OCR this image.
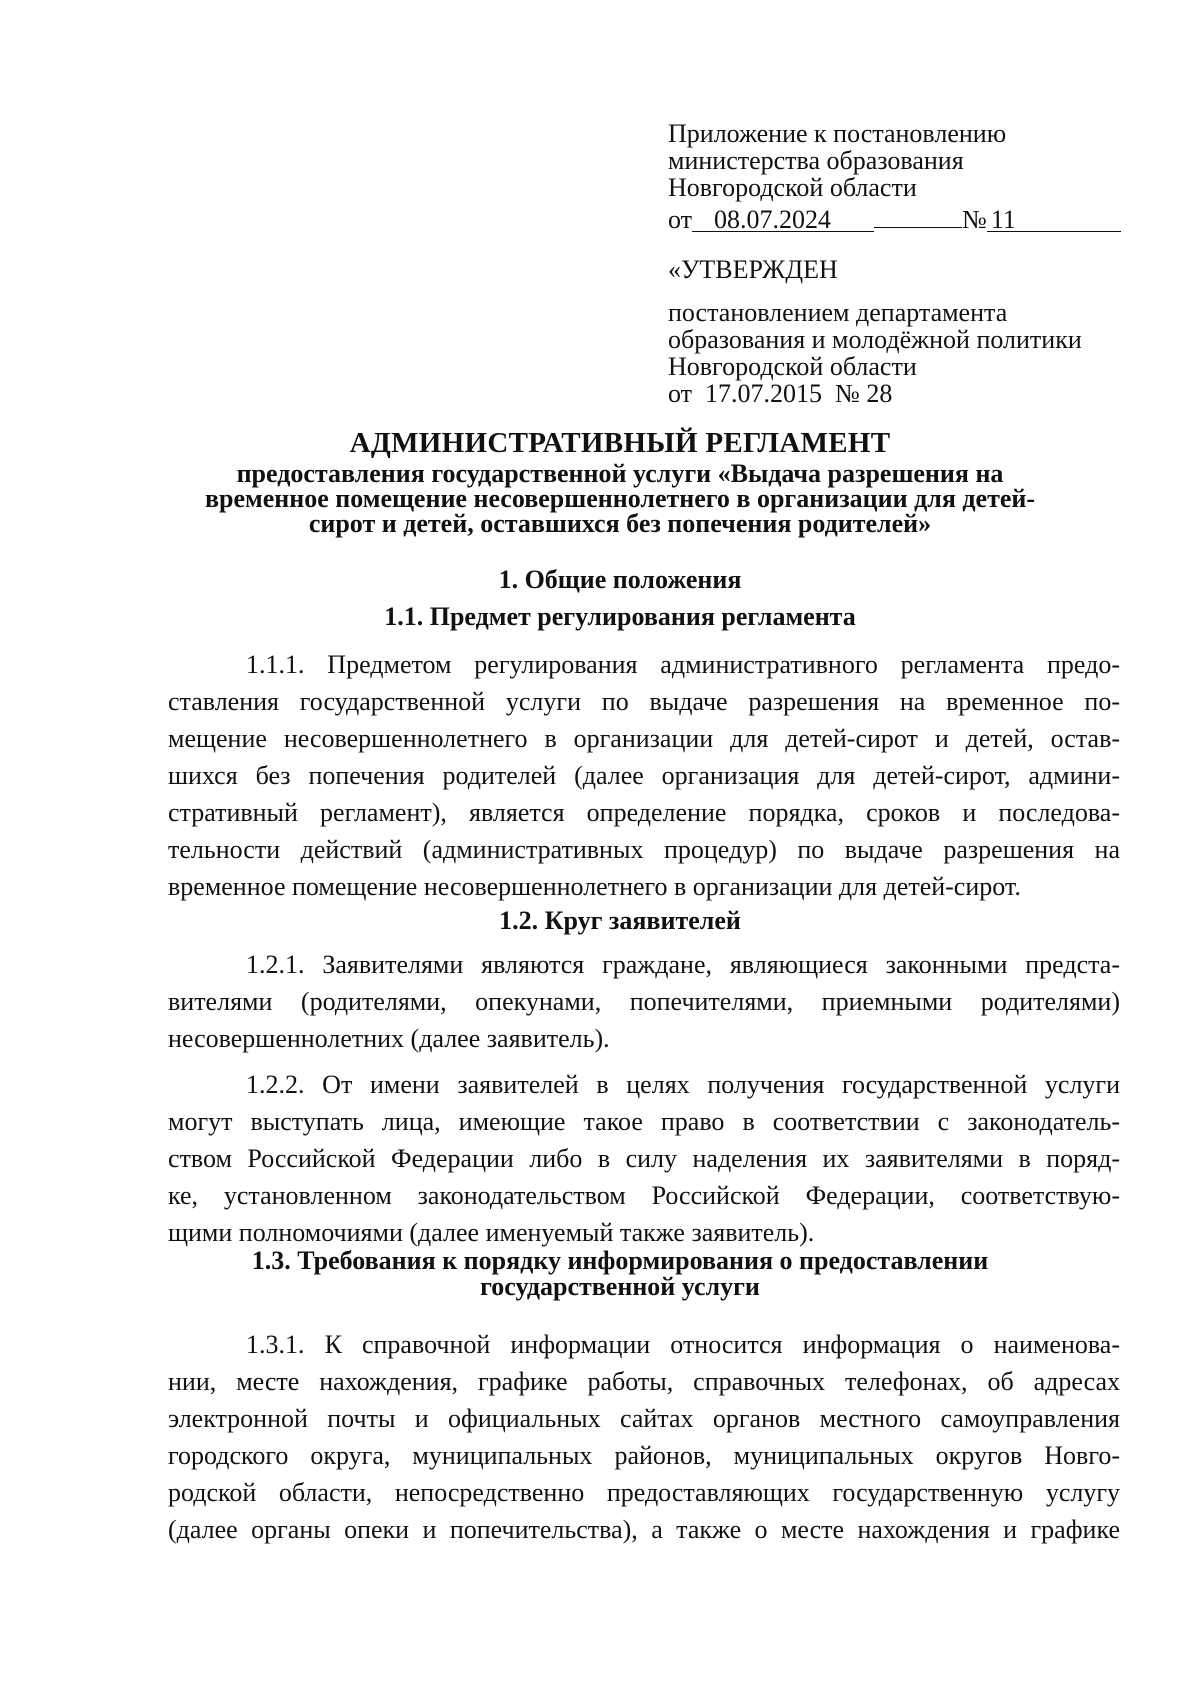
Приложение к постановлению
министерства образования
Новгородской области
от 08.07.2024	№ 11
«УТВЕРЖДЕН
постановлением департамента
образования и молодёжной политики
Новгородской области
от  17.07.2015  № 28
АДМИНИСТРАТИВНЫЙ РЕГЛАМЕНТ
предоставления государственной услуги «Выдача разрешения на
временное помещение несовершеннолетнего в организации для детей-
сирот и детей, оставшихся без попечения родителей»
1. Общие положения
1.1. Предмет регулирования регламента
1.1.1. Предметом регулирования административного регламента предо-
ставления государственной услуги по выдаче разрешения на временное по-
мещение несовершеннолетнего в организации для детей-сирот и детей, остав-
шихся без попечения родителей (далее организация для детей-сирот, админи-
стративный регламент), является определение порядка, сроков и последова-
тельности действий (административных процедур) по выдаче разрешения на
временное помещение несовершеннолетнего в организации для детей-сирот.
1.2. Круг заявителей
1.2.1. Заявителями являются граждане, являющиеся законными предста-
вителями (родителями, опекунами, попечителями, приемными родителями)
несовершеннолетних (далее заявитель).
1.2.2. От имени заявителей в целях получения государственной услуги
могут выступать лица, имеющие такое право в соответствии с законодатель-
ством Российской Федерации либо в силу наделения их заявителями в поряд-
ке, установленном законодательством Российской Федерации, соответствую-
щими полномочиями (далее именуемый также заявитель).
1.3. Требования к порядку информирования о предоставлении
государственной услуги
1.3.1. К справочной информации относится информация о наименова-
нии, месте нахождения, графике работы, справочных телефонах, об адресах
электронной почты и официальных сайтах органов местного самоуправления
городского округа, муниципальных районов, муниципальных округов Новго-
родской области, непосредственно предоставляющих государственную услугу
(далее органы опеки и попечительства), а также о месте нахождения и графике
